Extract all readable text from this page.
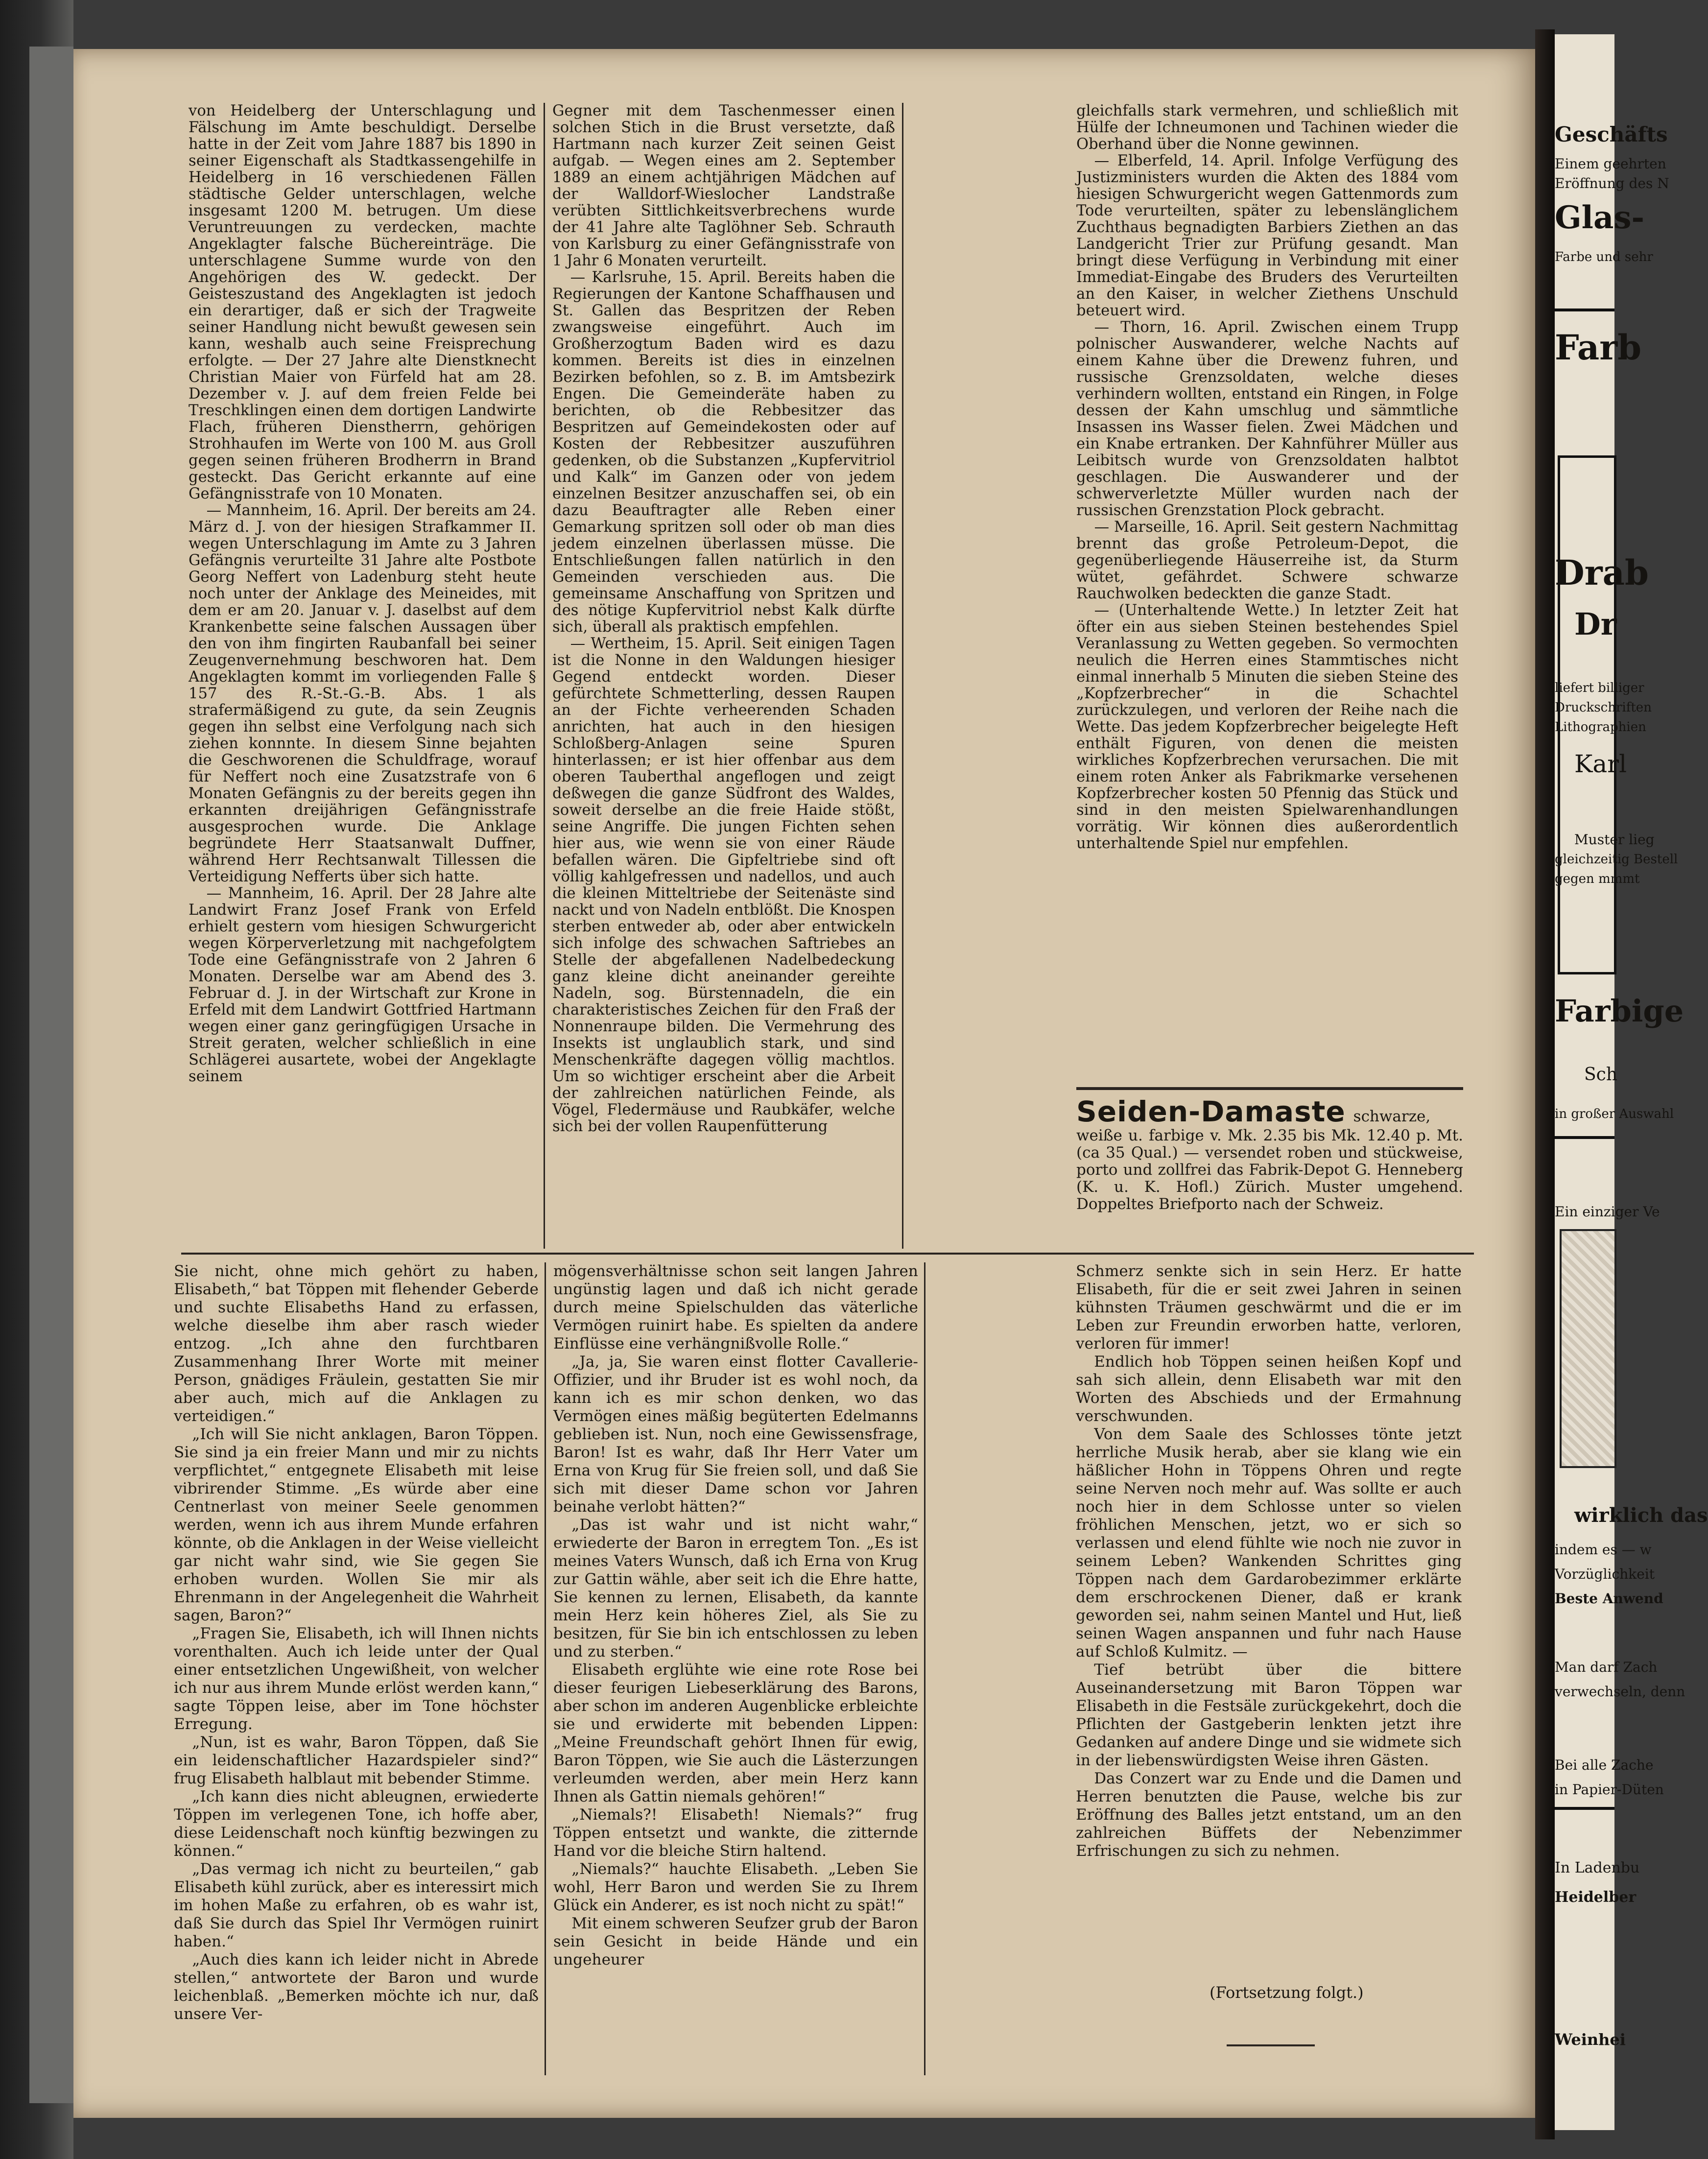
von Heidelberg der Unterschlagung und Fälschung im Amte beschuldigt. Derselbe hatte in der Zeit vom Jahre 1887 bis 1890 in seiner Eigenschaft als Stadtkassengehilfe in Heidelberg in 16 verschiedenen Fällen städtische Gelder unterschlagen, welche insgesamt 1200 M. betrugen. Um diese Veruntreuungen zu verdecken, machte Angeklagter falsche Büchereinträge. Die unterschlagene Summe wurde von den Angehörigen des W. gedeckt. Der Geisteszustand des Angeklagten ist jedoch ein derartiger, daß er sich der Tragweite seiner Handlung nicht bewußt gewesen sein kann, weshalb auch seine Freisprechung erfolgte. — Der 27 Jahre alte Dienstknecht Christian Maier von Fürfeld hat am 28. Dezember v. J. auf dem freien Felde bei Treschklingen einen dem dortigen Landwirte Flach, früheren Dienstherrn, gehörigen Strohhaufen im Werte von 100 M. aus Groll gegen seinen früheren Brodherrn in Brand gesteckt. Das Gericht erkannte auf eine Gefängnisstrafe von 10 Monaten.

— Mannheim, 16. April. Der bereits am 24. März d. J. von der hiesigen Strafkammer II. wegen Unterschlagung im Amte zu 3 Jahren Gefängnis verurteilte 31 Jahre alte Postbote Georg Neffert von Ladenburg steht heute noch unter der Anklage des Meineides, mit dem er am 20. Januar v. J. daselbst auf dem Krankenbette seine falschen Aussagen über den von ihm fingirten Raubanfall bei seiner Zeugenvernehmung beschworen hat. Dem Angeklagten kommt im vorliegenden Falle § 157 des R.-St.-G.-B. Abs. 1 als strafermäßigend zu gute, da sein Zeugnis gegen ihn selbst eine Verfolgung nach sich ziehen konnnte. In diesem Sinne bejahten die Geschworenen die Schuldfrage, worauf für Neffert noch eine Zusatzstrafe von 6 Monaten Gefängnis zu der bereits gegen ihn erkannten dreijährigen Gefängnisstrafe ausgesprochen wurde. Die Anklage begründete Herr Staatsanwalt Duffner, während Herr Rechtsanwalt Tillessen die Verteidigung Nefferts über sich hatte.

— Mannheim, 16. April. Der 28 Jahre alte Landwirt Franz Josef Frank von Erfeld erhielt gestern vom hiesigen Schwurgericht wegen Körperverletzung mit nachgefolgtem Tode eine Gefängnisstrafe von 2 Jahren 6 Monaten. Derselbe war am Abend des 3. Februar d. J. in der Wirtschaft zur Krone in Erfeld mit dem Landwirt Gottfried Hartmann wegen einer ganz geringfügigen Ursache in Streit geraten, welcher schließlich in eine Schlägerei ausartete, wobei der Angeklagte seinem

Gegner mit dem Taschenmesser einen solchen Stich in die Brust versetzte, daß Hartmann nach kurzer Zeit seinen Geist aufgab. — Wegen eines am 2. September 1889 an einem achtjährigen Mädchen auf der Walldorf-Wieslocher Landstraße verübten Sittlichkeitsverbrechens wurde der 41 Jahre alte Taglöhner Seb. Schrauth von Karlsburg zu einer Gefängnisstrafe von 1 Jahr 6 Monaten verurteilt.

— Karlsruhe, 15. April. Bereits haben die Regierungen der Kantone Schaffhausen und St. Gallen das Bespritzen der Reben zwangsweise eingeführt. Auch im Großherzogtum Baden wird es dazu kommen. Bereits ist dies in einzelnen Bezirken befohlen, so z. B. im Amtsbezirk Engen. Die Gemeinderäte haben zu berichten, ob die Rebbesitzer das Bespritzen auf Gemeindekosten oder auf Kosten der Rebbesitzer auszuführen gedenken, ob die Substanzen „Kupfervitriol und Kalk“ im Ganzen oder von jedem einzelnen Besitzer anzuschaffen sei, ob ein dazu Beauftragter alle Reben einer Gemarkung spritzen soll oder ob man dies jedem einzelnen überlassen müsse. Die Entschließungen fallen natürlich in den Gemeinden verschieden aus. Die gemeinsame Anschaffung von Spritzen und des nötige Kupfervitriol nebst Kalk dürfte sich, überall als praktisch empfehlen.

— Wertheim, 15. April. Seit einigen Tagen ist die Nonne in den Waldungen hiesiger Gegend entdeckt worden. Dieser gefürchtete Schmetterling, dessen Raupen an der Fichte verheerenden Schaden anrichten, hat auch in den hiesigen Schloßberg-Anlagen seine Spuren hinterlassen; er ist hier offenbar aus dem oberen Tauberthal angeflogen und zeigt deßwegen die ganze Südfront des Waldes, soweit derselbe an die freie Haide stößt, seine Angriffe. Die jungen Fichten sehen hier aus, wie wenn sie von einer Räude befallen wären. Die Gipfeltriebe sind oft völlig kahlgefressen und nadellos, und auch die kleinen Mitteltriebe der Seitenäste sind nackt und von Nadeln entblößt. Die Knospen sterben entweder ab, oder aber entwickeln sich infolge des schwachen Saftriebes an Stelle der abgefallenen Nadelbedeckung ganz kleine dicht aneinander gereihte Nadeln, sog. Bürstennadeln, die ein charakteristisches Zeichen für den Fraß der Nonnenraupe bilden. Die Vermehrung des Insekts ist unglaublich stark, und sind Menschenkräfte dagegen völlig machtlos. Um so wichtiger erscheint aber die Arbeit der zahlreichen natürlichen Feinde, als Vögel, Fledermäuse und Raubkäfer, welche sich bei der vollen Raupenfütterung

gleichfalls stark vermehren, und schließlich mit Hülfe der Ichneumonen und Tachinen wieder die Oberhand über die Nonne gewinnen.

— Elberfeld, 14. April. Infolge Verfügung des Justizministers wurden die Akten des 1884 vom hiesigen Schwurgericht wegen Gattenmords zum Tode verurteilten, später zu lebenslänglichem Zuchthaus begnadigten Barbiers Ziethen an das Landgericht Trier zur Prüfung gesandt. Man bringt diese Verfügung in Verbindung mit einer Immediat-Eingabe des Bruders des Verurteilten an den Kaiser, in welcher Ziethens Unschuld beteuert wird.

— Thorn, 16. April. Zwischen einem Trupp polnischer Auswanderer, welche Nachts auf einem Kahne über die Drewenz fuhren, und russische Grenzsoldaten, welche dieses verhindern wollten, entstand ein Ringen, in Folge dessen der Kahn umschlug und sämmtliche Insassen ins Wasser fielen. Zwei Mädchen und ein Knabe ertranken. Der Kahnführer Müller aus Leibitsch wurde von Grenzsoldaten halbtot geschlagen. Die Auswanderer und der schwerverletzte Müller wurden nach der russischen Grenzstation Plock gebracht.

— Marseille, 16. April. Seit gestern Nachmittag brennt das große Petroleum-Depot, die gegenüberliegende Häuserreihe ist, da Sturm wütet, gefährdet. Schwere schwarze Rauchwolken bedeckten die ganze Stadt.

— (Unterhaltende Wette.) In letzter Zeit hat öfter ein aus sieben Steinen bestehendes Spiel Veranlassung zu Wetten gegeben. So vermochten neulich die Herren eines Stammtisches nicht einmal innerhalb 5 Minuten die sieben Steine des „Kopfzerbrecher“ in die Schachtel zurückzulegen, und verloren der Reihe nach die Wette. Das jedem Kopfzerbrecher beigelegte Heft enthält Figuren, von denen die meisten wirkliches Kopfzerbrechen verursachen. Die mit einem roten Anker als Fabrikmarke versehenen Kopfzerbrecher kosten 50 Pfennig das Stück und sind in den meisten Spielwarenhandlungen vorrätig. Wir können dies außerordentlich unterhaltende Spiel nur empfehlen.

Seiden-Damaste schwarze, weiße u. farbige v. Mk. 2.35 bis Mk. 12.40 p. Mt. (ca 35 Qual.) — versendet roben und stückweise, porto und zollfrei das Fabrik-Depot G. Henneberg (K. u. K. Hofl.) Zürich. Muster umgehend. Doppeltes Briefporto nach der Schweiz.

Sie nicht, ohne mich gehört zu haben, Elisabeth,“ bat Töppen mit flehender Geberde und suchte Elisabeths Hand zu erfassen, welche dieselbe ihm aber rasch wieder entzog. „Ich ahne den furchtbaren Zusammenhang Ihrer Worte mit meiner Person, gnädiges Fräulein, gestatten Sie mir aber auch, mich auf die Anklagen zu verteidigen.“

„Ich will Sie nicht anklagen, Baron Töppen. Sie sind ja ein freier Mann und mir zu nichts verpflichtet,“ entgegnete Elisabeth mit leise vibrirender Stimme. „Es würde aber eine Centnerlast von meiner Seele genommen werden, wenn ich aus ihrem Munde erfahren könnte, ob die Anklagen in der Weise vielleicht gar nicht wahr sind, wie Sie gegen Sie erhoben wurden. Wollen Sie mir als Ehrenmann in der Angelegenheit die Wahrheit sagen, Baron?“

„Fragen Sie, Elisabeth, ich will Ihnen nichts vorenthalten. Auch ich leide unter der Qual einer entsetzlichen Ungewißheit, von welcher ich nur aus ihrem Munde erlöst werden kann,“ sagte Töppen leise, aber im Tone höchster Erregung.

„Nun, ist es wahr, Baron Töppen, daß Sie ein leidenschaftlicher Hazardspieler sind?“ frug Elisabeth halblaut mit bebender Stimme.

„Ich kann dies nicht ableugnen, erwiederte Töppen im verlegenen Tone, ich hoffe aber, diese Leidenschaft noch künftig bezwingen zu können.“

„Das vermag ich nicht zu beurteilen,“ gab Elisabeth kühl zurück, aber es interessirt mich im hohen Maße zu erfahren, ob es wahr ist, daß Sie durch das Spiel Ihr Vermögen ruinirt haben.“

„Auch dies kann ich leider nicht in Abrede stellen,“ antwortete der Baron und wurde leichenblaß. „Bemerken möchte ich nur, daß unsere Ver-

mögensverhältnisse schon seit langen Jahren ungünstig lagen und daß ich nicht gerade durch meine Spielschulden das väterliche Vermögen ruinirt habe. Es spielten da andere Einflüsse eine verhängnißvolle Rolle.“

„Ja, ja, Sie waren einst flotter Cavallerie-Offizier, und ihr Bruder ist es wohl noch, da kann ich es mir schon denken, wo das Vermögen eines mäßig begüterten Edelmanns geblieben ist. Nun, noch eine Gewissensfrage, Baron! Ist es wahr, daß Ihr Herr Vater um Erna von Krug für Sie freien soll, und daß Sie sich mit dieser Dame schon vor Jahren beinahe verlobt hätten?“

„Das ist wahr und ist nicht wahr,“ erwiederte der Baron in erregtem Ton. „Es ist meines Vaters Wunsch, daß ich Erna von Krug zur Gattin wähle, aber seit ich die Ehre hatte, Sie kennen zu lernen, Elisabeth, da kannte mein Herz kein höheres Ziel, als Sie zu besitzen, für Sie bin ich entschlossen zu leben und zu sterben.“

Elisabeth erglühte wie eine rote Rose bei dieser feurigen Liebeserklärung des Barons, aber schon im anderen Augenblicke erbleichte sie und erwiderte mit bebenden Lippen: „Meine Freundschaft gehört Ihnen für ewig, Baron Töppen, wie Sie auch die Lästerzungen verleumden werden, aber mein Herz kann Ihnen als Gattin niemals gehören!“

„Niemals?! Elisabeth! Niemals?“ frug Töppen entsetzt und wankte, die zitternde Hand vor die bleiche Stirn haltend.

„Niemals?“ hauchte Elisabeth. „Leben Sie wohl, Herr Baron und werden Sie zu Ihrem Glück ein Anderer, es ist noch nicht zu spät!“

Mit einem schweren Seufzer grub der Baron sein Gesicht in beide Hände und ein ungeheurer

Schmerz senkte sich in sein Herz. Er hatte Elisabeth, für die er seit zwei Jahren in seinen kühnsten Träumen geschwärmt und die er im Leben zur Freundin erworben hatte, verloren, verloren für immer!

Endlich hob Töppen seinen heißen Kopf und sah sich allein, denn Elisabeth war mit den Worten des Abschieds und der Ermahnung verschwunden.

Von dem Saale des Schlosses tönte jetzt herrliche Musik herab, aber sie klang wie ein häßlicher Hohn in Töppens Ohren und regte seine Nerven noch mehr auf. Was sollte er auch noch hier in dem Schlosse unter so vielen fröhlichen Menschen, jetzt, wo er sich so verlassen und elend fühlte wie noch nie zuvor in seinem Leben? Wankenden Schrittes ging Töppen nach dem Gardarobezimmer erklärte dem erschrockenen Diener, daß er krank geworden sei, nahm seinen Mantel und Hut, ließ seinen Wagen anspannen und fuhr nach Hause auf Schloß Kulmitz. —

Tief betrübt über die bittere Auseinandersetzung mit Baron Töppen war Elisabeth in die Festsäle zurückgekehrt, doch die Pflichten der Gastgeberin lenkten jetzt ihre Gedanken auf andere Dinge und sie widmete sich in der liebenswürdigsten Weise ihren Gästen.

Das Conzert war zu Ende und die Damen und Herren benutzten die Pause, welche bis zur Eröffnung des Balles jetzt entstand, um an den zahlreichen Büffets der Nebenzimmer Erfrischungen zu sich zu nehmen.

(Fortsetzung folgt.)
Geschäfts
Einem geehrten
Eröffnung des N
Glas-
Farbe und sehr
Farb
Drab
Dr
liefert billiger
Druckschriften
Lithographien
Karl
Muster lieg
gleichzeitig Bestell
gegen mmmt
Farbige
Sch
in großer Auswahl
Ein einziger Ve
wirklich das
indem es — w
Vorzüglichkeit
Beste Anwend
Man darf Zach
verwechseln, denn
Bei alle Zache
in Papier-Düten
In Ladenbu
Heidelber
Weinhei
